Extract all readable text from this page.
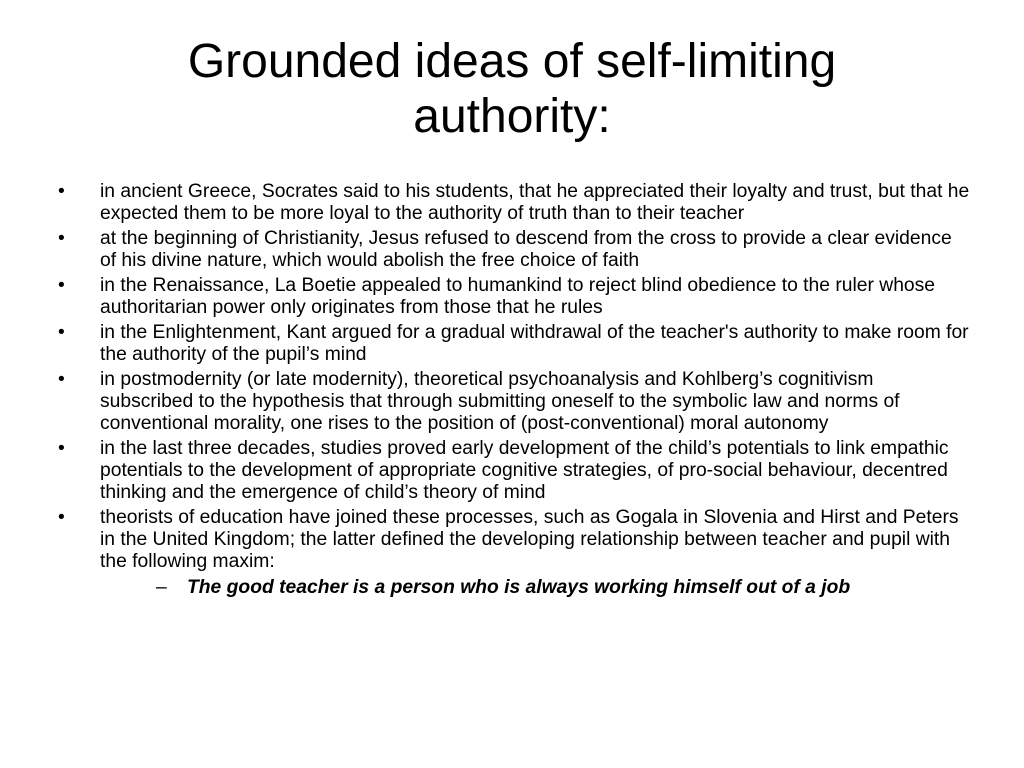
Grounded ideas of self-limiting
authority:
•	in ancient Greece, Socrates said to his students, that he appreciated their loyalty and trust, but that he expected them to be more loyal to the authority of truth than to their teacher
•	at the beginning of Christianity, Jesus refused to descend from the cross to provide a clear evidence of his divine nature, which would abolish the free choice of faith
•	in the Renaissance, La Boetie appealed to humankind to reject blind obedience to the ruler whose authoritarian power only originates from those that he rules
•	in the Enlightenment, Kant argued for a gradual withdrawal of the teacher's authority to make room for the authority of the pupil’s mind
•	in postmodernity (or late modernity), theoretical psychoanalysis and Kohlberg’s cognitivism subscribed to the hypothesis that through submitting oneself to the symbolic law and norms of conventional morality, one rises to the position of (post-conventional) moral autonomy
•	in the last three decades, studies proved early development of the child’s potentials to link empathic potentials to the development of appropriate cognitive strategies, of pro-social behaviour, decentred thinking and the emergence of child’s theory of mind
•	theorists of education have joined these processes, such as Gogala in Slovenia and Hirst and Peters in the United Kingdom; the latter defined the developing relationship between teacher and pupil with the following maxim:
– The good teacher is a person who is always working himself out of a job
